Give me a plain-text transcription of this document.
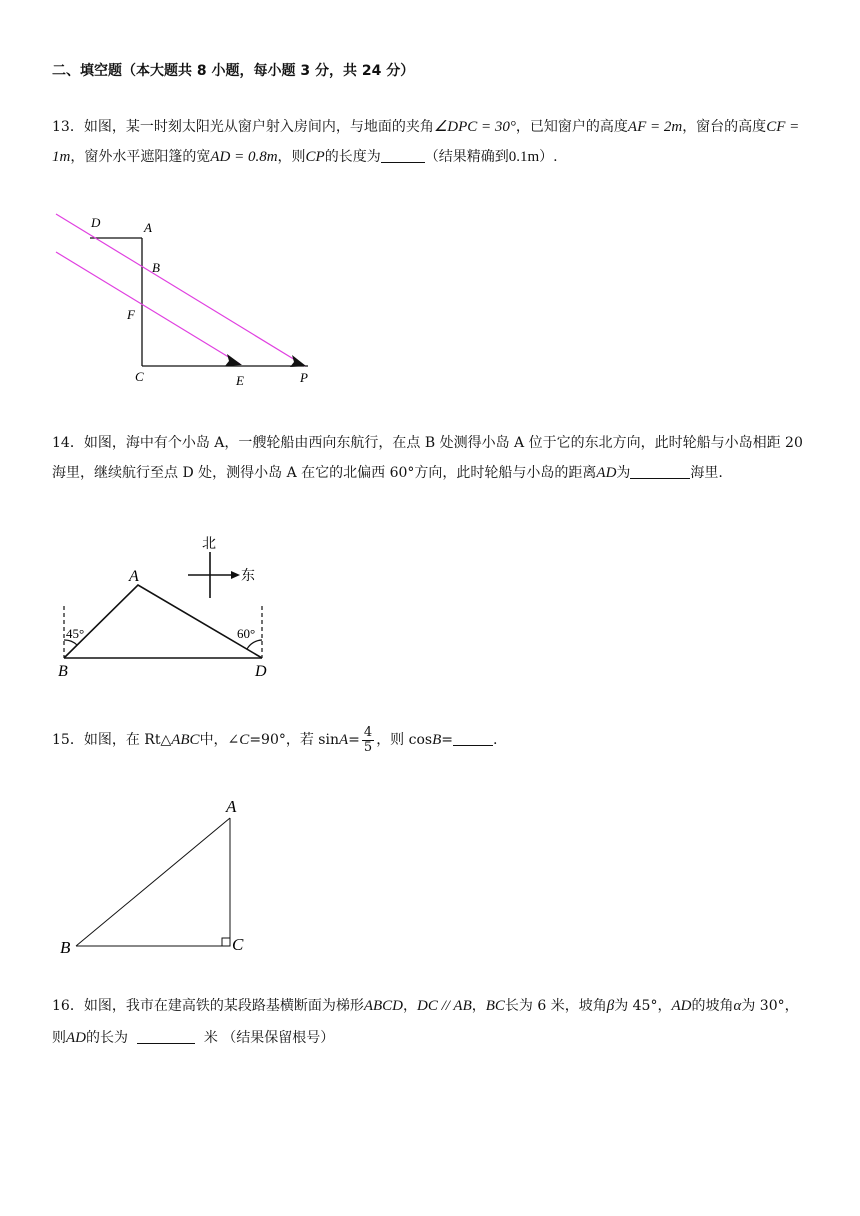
二、填空题（本大题共 8 小题，每小题 3 分，共 24 分）
13．如图，某一时刻太阳光从窗户射入房间内，与地面的夹角∠DPC = 30°，已知窗户的高度AF = 2m，窗台的高度CF = 1m，窗外水平遮阳篷的宽AD = 0.8m，则CP的长度为	（结果精确到0.1m）.
D	A
B
F
C	E	P
北
东
45°	60°
A
B	D
A
B	C
14．如图，海中有个小岛 A，一艘轮船由西向东航行，在点 B 处测得小岛 A 位于它的东北方向，此时轮船与小岛相距 20 海里，继续航行至点 D 处，测得小岛 A 在它的北偏西 60°方向，此时轮船与小岛的距离AD为	海里.
15．如图，在 Rt△ABC中，∠C=90°，若 $\sin A= \frac{4}{5}$ ，则 cosB=	.
16．如图，我市在建高铁的某段路基横断面为梯形ABCD，DC // AB，BC长为 6 米，坡角β为 45°，AD的坡角α为 30°，则AD的长为	米 （结果保留根号）
